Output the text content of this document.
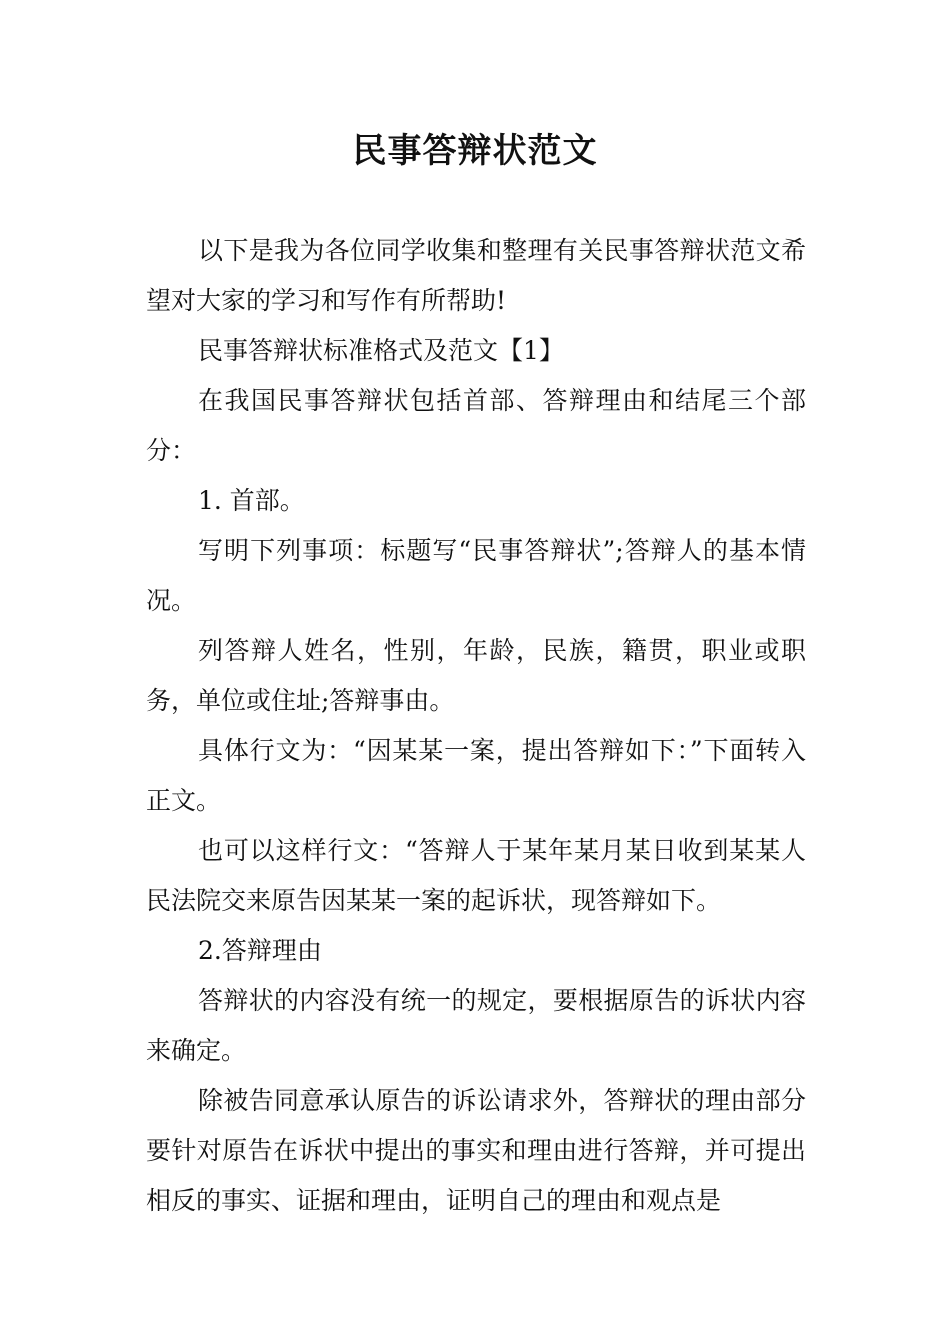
民事答辩状范文

以下是我为各位同学收集和整理有关民事答辩状范文希望对大家的学习和写作有所帮助!

民事答辩状标准格式及范文【1】

在我国民事答辩状包括首部、答辩理由和结尾三个部分：

1. 首部。

写明下列事项：标题写“民事答辩状”;答辩人的基本情况。

列答辩人姓名，性别，年龄，民族，籍贯，职业或职务，单位或住址;答辩事由。

具体行文为：“因某某一案，提出答辩如下：”下面转入正文。

也可以这样行文：“答辩人于某年某月某日收到某某人民法院交来原告因某某一案的起诉状，现答辩如下。

2.答辩理由

答辩状的内容没有统一的规定，要根据原告的诉状内容来确定。

除被告同意承认原告的诉讼请求外，答辩状的理由部分要针对原告在诉状中提出的事实和理由进行答辩，并可提出相反的事实、证据和理由，证明自己的理由和观点是
